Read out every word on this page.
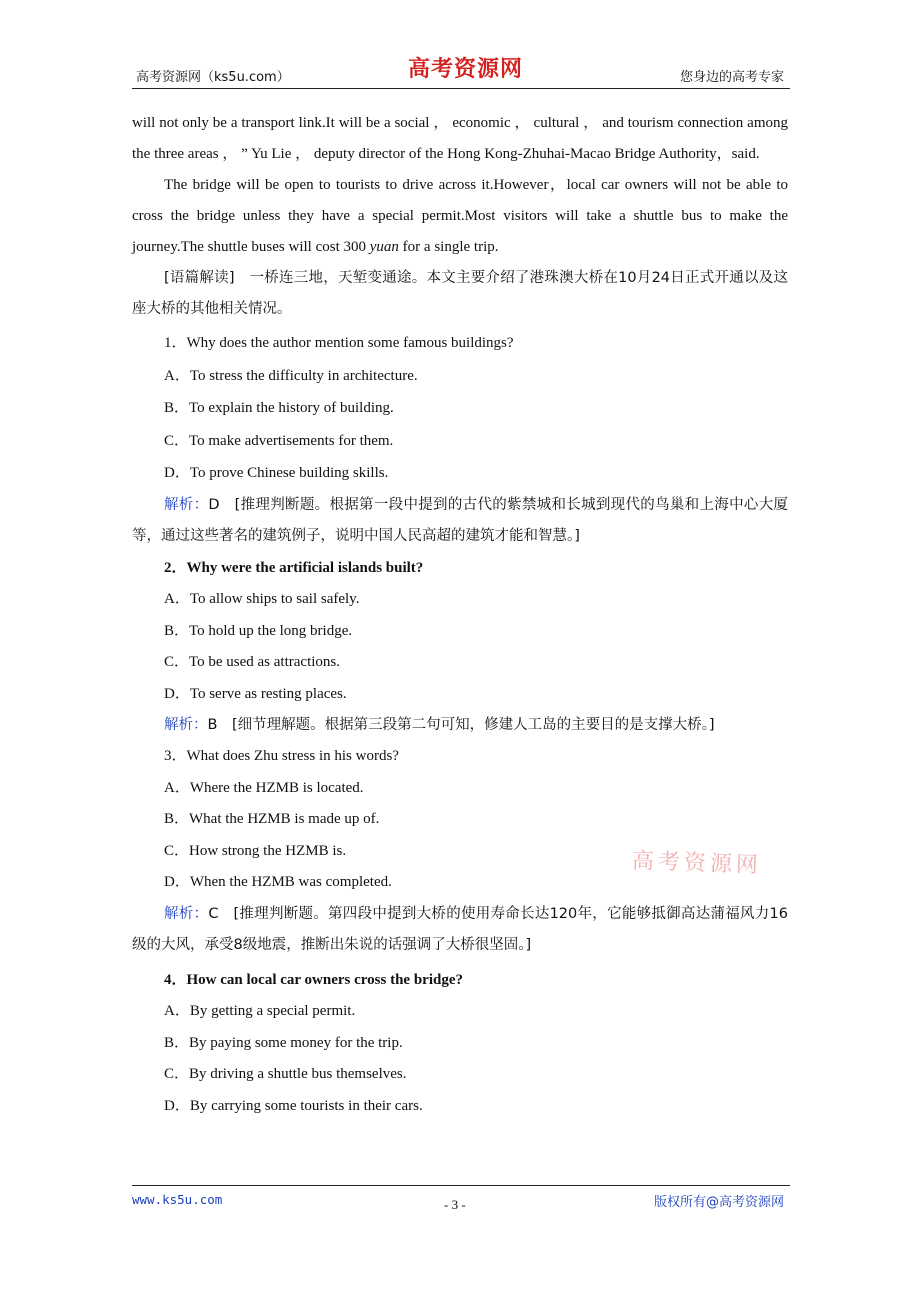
高考资源网（ks5u.com）	高考资源网	您身边的高考专家

will not only be a transport link.It will be a social ， economic ， cultural ， and tourism connection among the three areas ， ” Yu Lie ， deputy director of the Hong Kong-Zhuhai-Macao Bridge Authority，said.

The bridge will be open to tourists to drive across it.However，local car owners will not be able to cross the bridge unless they have a special permit.Most visitors will take a shuttle bus to make the journey.The shuttle buses will cost 300 yuan for a single trip.

[语篇解读]　一桥连三地，天堑变通途。本文主要介绍了港珠澳大桥在10月24日正式开通以及这座大桥的其他相关情况。

1．Why does the author mention some famous buildings?

A．To stress the difficulty in architecture.

B．To explain the history of building.

C．To make advertisements for them.

D．To prove Chinese building skills.

解析：D　[推理判断题。根据第一段中提到的古代的紫禁城和长城到现代的鸟巢和上海中心大厦等，通过这些著名的建筑例子，说明中国人民高超的建筑才能和智慧。]

2．Why were the artificial islands built?

A．To allow ships to sail safely.

B．To hold up the long bridge.

C．To be used as attractions.

D．To serve as resting places.

解析：B　[细节理解题。根据第三段第二句可知，修建人工岛的主要目的是支撑大桥。]

3．What does Zhu stress in his words?

A．Where the HZMB is located.

B．What the HZMB is made up of.

C．How strong the HZMB is.

D．When the HZMB was completed.

解析：C　[推理判断题。第四段中提到大桥的使用寿命长达120年，它能够抵御高达蒲福风力16级的大风，承受8级地震，推断出朱说的话强调了大桥很坚固。]

4．How can local car owners cross the bridge?

A．By getting a special permit.

B．By paying some money for the trip.

C．By driving a shuttle bus themselves.

D．By carrying some tourists in their cars.

高考资源网
www.ks5u.com	版权所有@高考资源网
- 3 -
